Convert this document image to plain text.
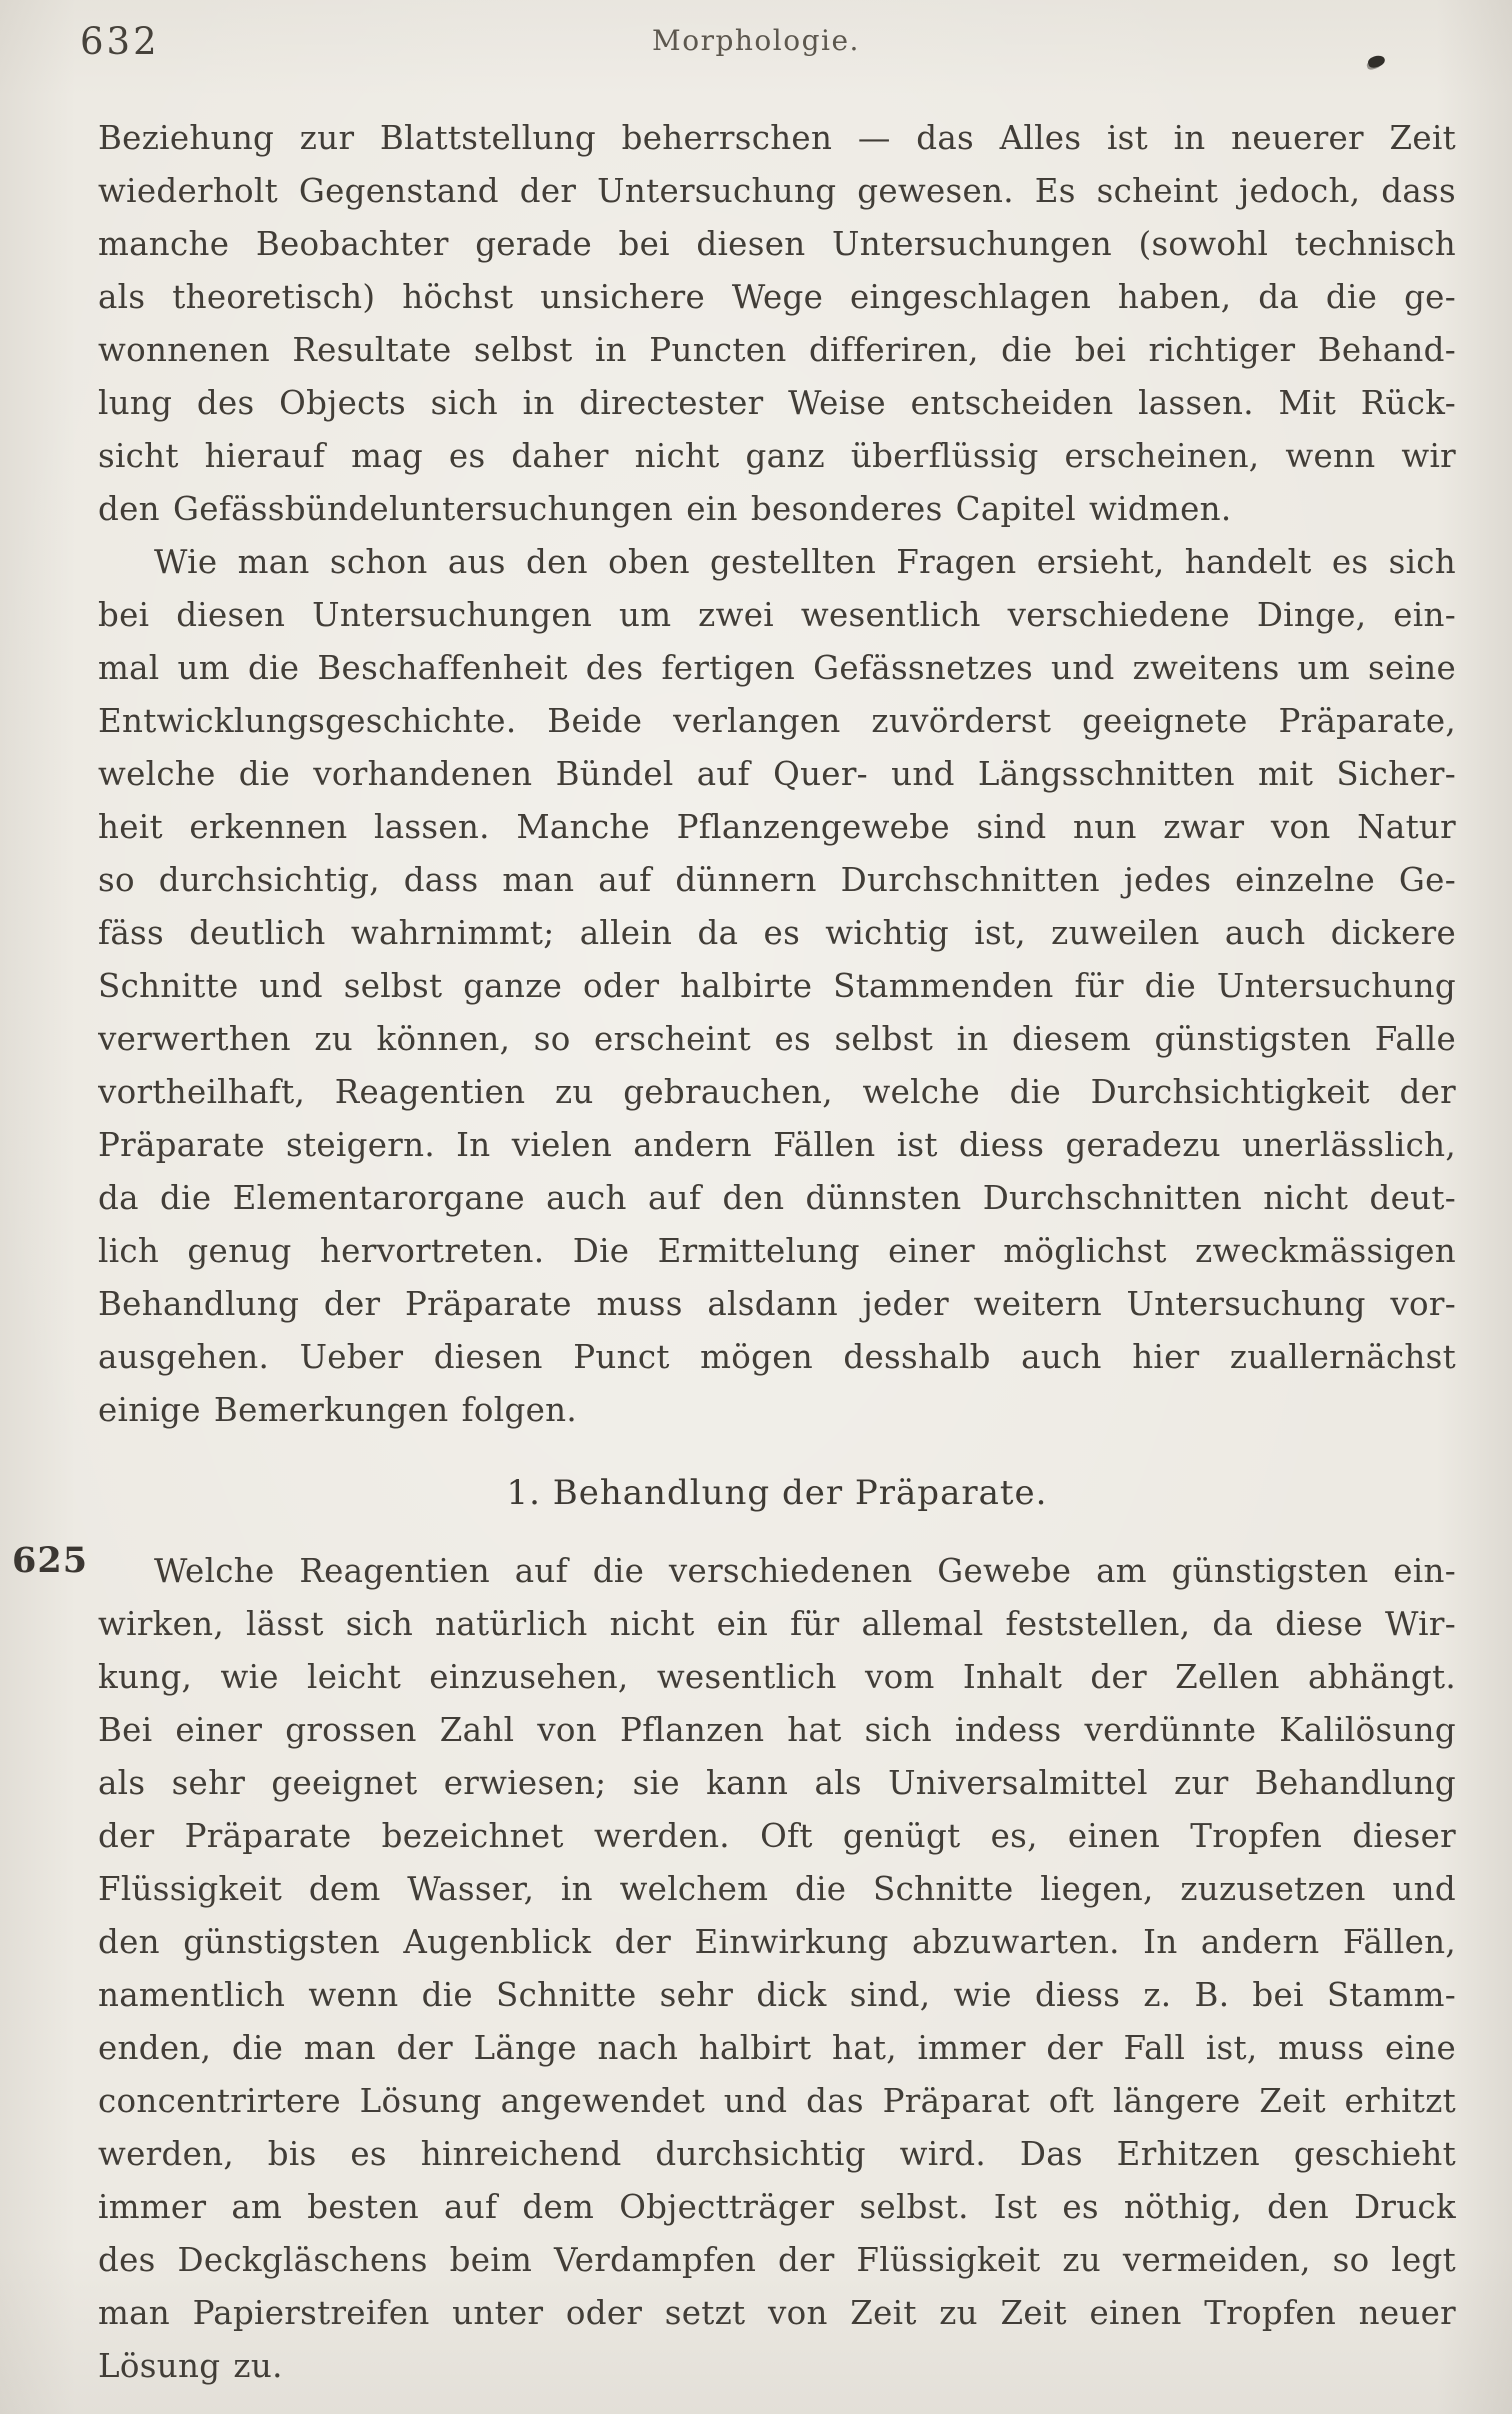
632	Morphologie.
625
Beziehung zur Blattstellung beherrschen — das Alles ist in neuerer Zeit
wiederholt Gegenstand der Untersuchung gewesen. Es scheint jedoch, dass
manche Beobachter gerade bei diesen Untersuchungen (sowohl technisch
als theoretisch) höchst unsichere Wege eingeschlagen haben, da die ge-
wonnenen Resultate selbst in Puncten differiren, die bei richtiger Behand-
lung des Objects sich in directester Weise entscheiden lassen. Mit Rück-
sicht hierauf mag es daher nicht ganz überflüssig erscheinen, wenn wir
den Gefässbündeluntersuchungen ein besonderes Capitel widmen.
Wie man schon aus den oben gestellten Fragen ersieht, handelt es sich
bei diesen Untersuchungen um zwei wesentlich verschiedene Dinge, ein-
mal um die Beschaffenheit des fertigen Gefässnetzes und zweitens um seine
Entwicklungsgeschichte. Beide verlangen zuvörderst geeignete Präparate,
welche die vorhandenen Bündel auf Quer- und Längsschnitten mit Sicher-
heit erkennen lassen. Manche Pflanzengewebe sind nun zwar von Natur
so durchsichtig, dass man auf dünnern Durchschnitten jedes einzelne Ge-
fäss deutlich wahrnimmt; allein da es wichtig ist, zuweilen auch dickere
Schnitte und selbst ganze oder halbirte Stammenden für die Untersuchung
verwerthen zu können, so erscheint es selbst in diesem günstigsten Falle
vortheilhaft, Reagentien zu gebrauchen, welche die Durchsichtigkeit der
Präparate steigern. In vielen andern Fällen ist diess geradezu unerlässlich,
da die Elementarorgane auch auf den dünnsten Durchschnitten nicht deut-
lich genug hervortreten. Die Ermittelung einer möglichst zweckmässigen
Behandlung der Präparate muss alsdann jeder weitern Untersuchung vor-
ausgehen. Ueber diesen Punct mögen desshalb auch hier zuallernächst
einige Bemerkungen folgen.
1. Behandlung der Präparate.
Welche Reagentien auf die verschiedenen Gewebe am günstigsten ein-
wirken, lässt sich natürlich nicht ein für allemal feststellen, da diese Wir-
kung, wie leicht einzusehen, wesentlich vom Inhalt der Zellen abhängt.
Bei einer grossen Zahl von Pflanzen hat sich indess verdünnte Kalilösung
als sehr geeignet erwiesen; sie kann als Universalmittel zur Behandlung
der Präparate bezeichnet werden. Oft genügt es, einen Tropfen dieser
Flüssigkeit dem Wasser, in welchem die Schnitte liegen, zuzusetzen und
den günstigsten Augenblick der Einwirkung abzuwarten. In andern Fällen,
namentlich wenn die Schnitte sehr dick sind, wie diess z. B. bei Stamm-
enden, die man der Länge nach halbirt hat, immer der Fall ist, muss eine
concentrirtere Lösung angewendet und das Präparat oft längere Zeit erhitzt
werden, bis es hinreichend durchsichtig wird. Das Erhitzen geschieht
immer am besten auf dem Objectträger selbst. Ist es nöthig, den Druck
des Deckgläschens beim Verdampfen der Flüssigkeit zu vermeiden, so legt
man Papierstreifen unter oder setzt von Zeit zu Zeit einen Tropfen neuer
Lösung zu.
